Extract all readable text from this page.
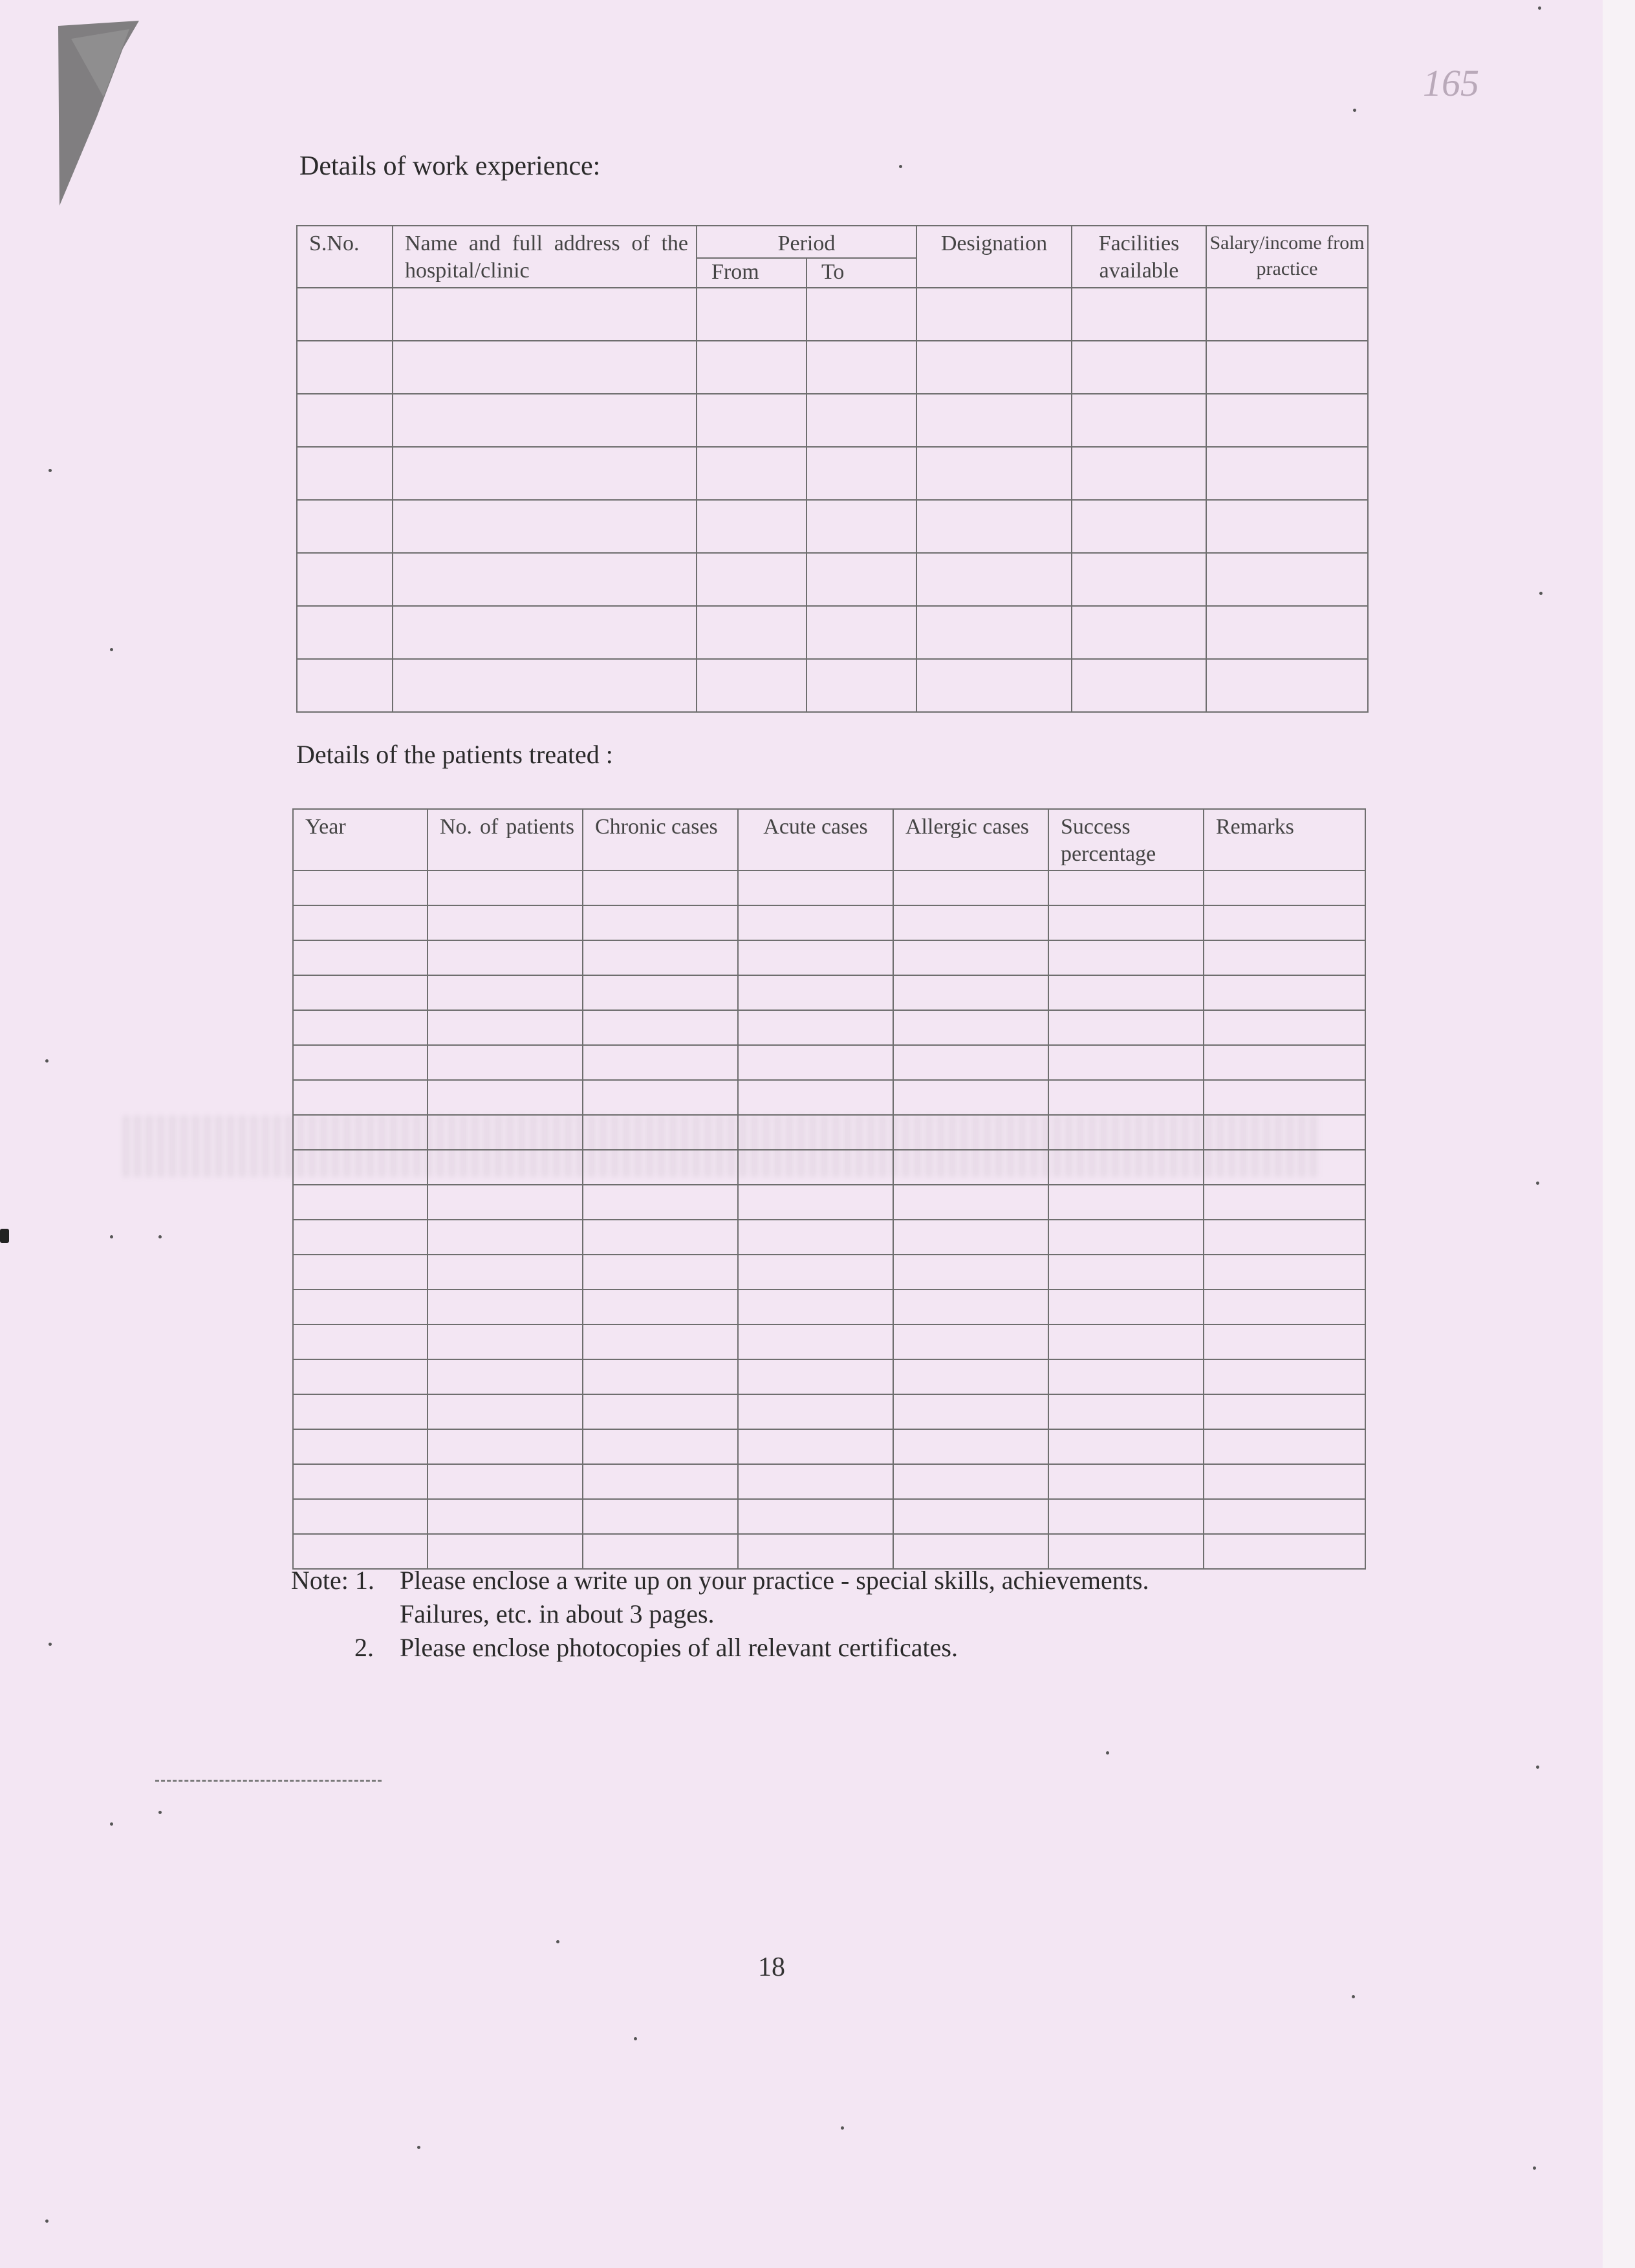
165
Details of work experience:
S.No.	Name and full address of the hospital/clinic	Period		Designation	Facilities available	Salary/income from practice

		From	To			

Details of the patients treated :
Year	No. of patients	Chronic cases	Acute cases	Allergic cases	Success percentage	Remarks

Note: 1. Please enclose a write up on your practice - special skills, achievements.
Failures, etc. in about 3 pages.
2.	Please enclose photocopies of all relevant certificates.
18
